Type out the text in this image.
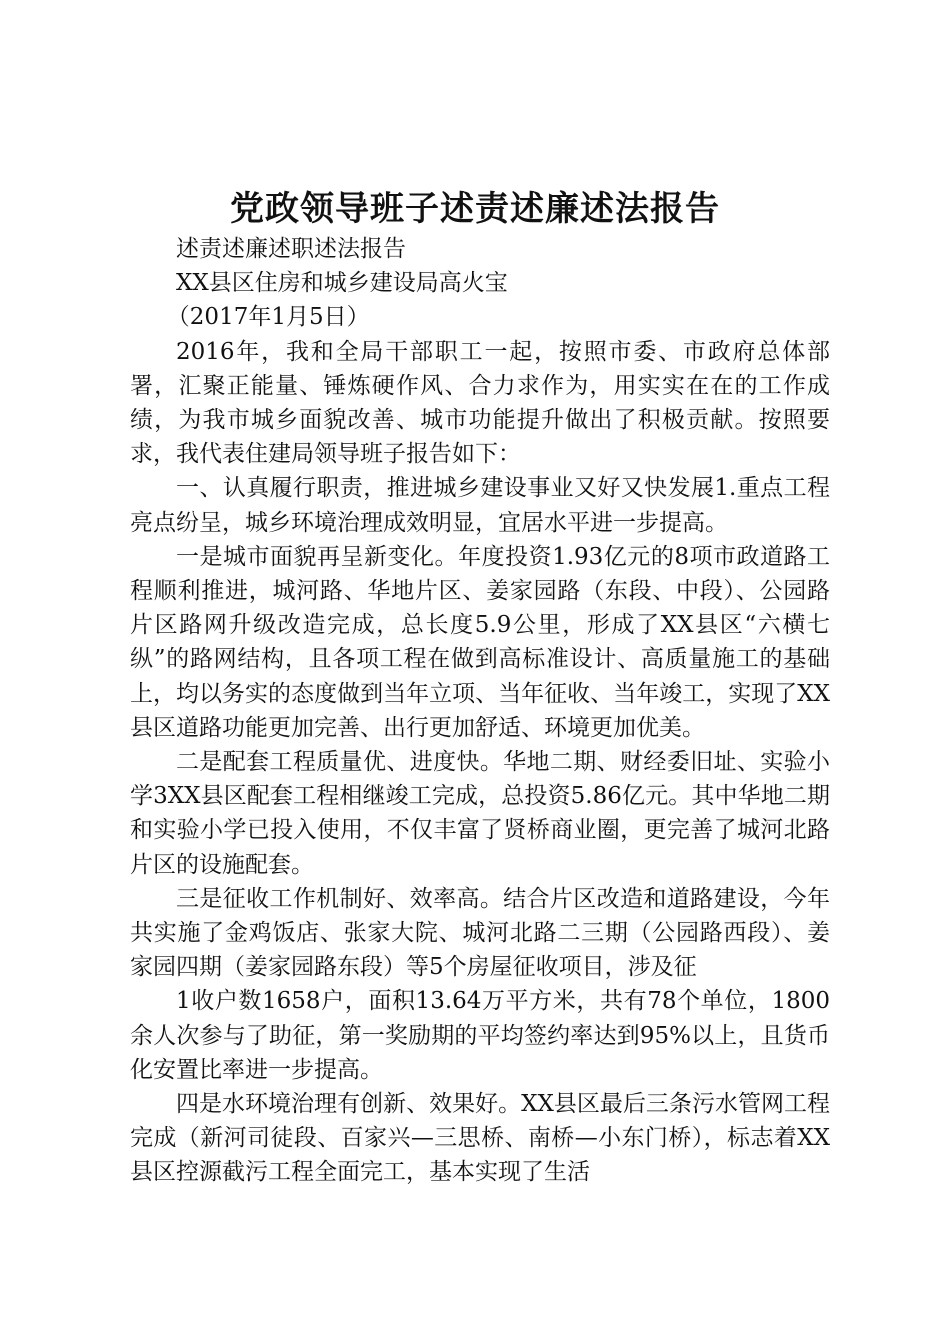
党政领导班子述责述廉述法报告

述责述廉述职述法报告

XX县区住房和城乡建设局高火宝

（2017年1月5日）

2016年，我和全局干部职工一起，按照市委、市政府总体部署，汇聚正能量、锤炼硬作风、合力求作为，用实实在在的工作成绩，为我市城乡面貌改善、城市功能提升做出了积极贡献。按照要求，我代表住建局领导班子报告如下：

一、认真履行职责，推进城乡建设事业又好又快发展1.重点工程亮点纷呈，城乡环境治理成效明显，宜居水平进一步提高。

一是城市面貌再呈新变化。年度投资1.93亿元的8项市政道路工程顺利推进，城河路、华地片区、姜家园路（东段、中段）、公园路片区路网升级改造完成，总长度5.9公里，形成了XX县区“六横七纵”的路网结构，且各项工程在做到高标准设计、高质量施工的基础上，均以务实的态度做到当年立项、当年征收、当年竣工，实现了XX县区道路功能更加完善、出行更加舒适、环境更加优美。

二是配套工程质量优、进度快。华地二期、财经委旧址、实验小学3XX县区配套工程相继竣工完成，总投资5.86亿元。其中华地二期和实验小学已投入使用，不仅丰富了贤桥商业圈，更完善了城河北路片区的设施配套。

三是征收工作机制好、效率高。结合片区改造和道路建设，今年共实施了金鸡饭店、张家大院、城河北路二三期（公园路西段）、姜家园四期（姜家园路东段）等5个房屋征收项目，涉及征

1收户数1658户，面积13.64万平方米，共有78个单位，1800余人次参与了助征，第一奖励期的平均签约率达到95%以上，且货币化安置比率进一步提高。

四是水环境治理有创新、效果好。XX县区最后三条污水管网工程完成（新河司徒段、百家兴—三思桥、南桥—小东门桥），标志着XX县区控源截污工程全面完工，基本实现了生活
